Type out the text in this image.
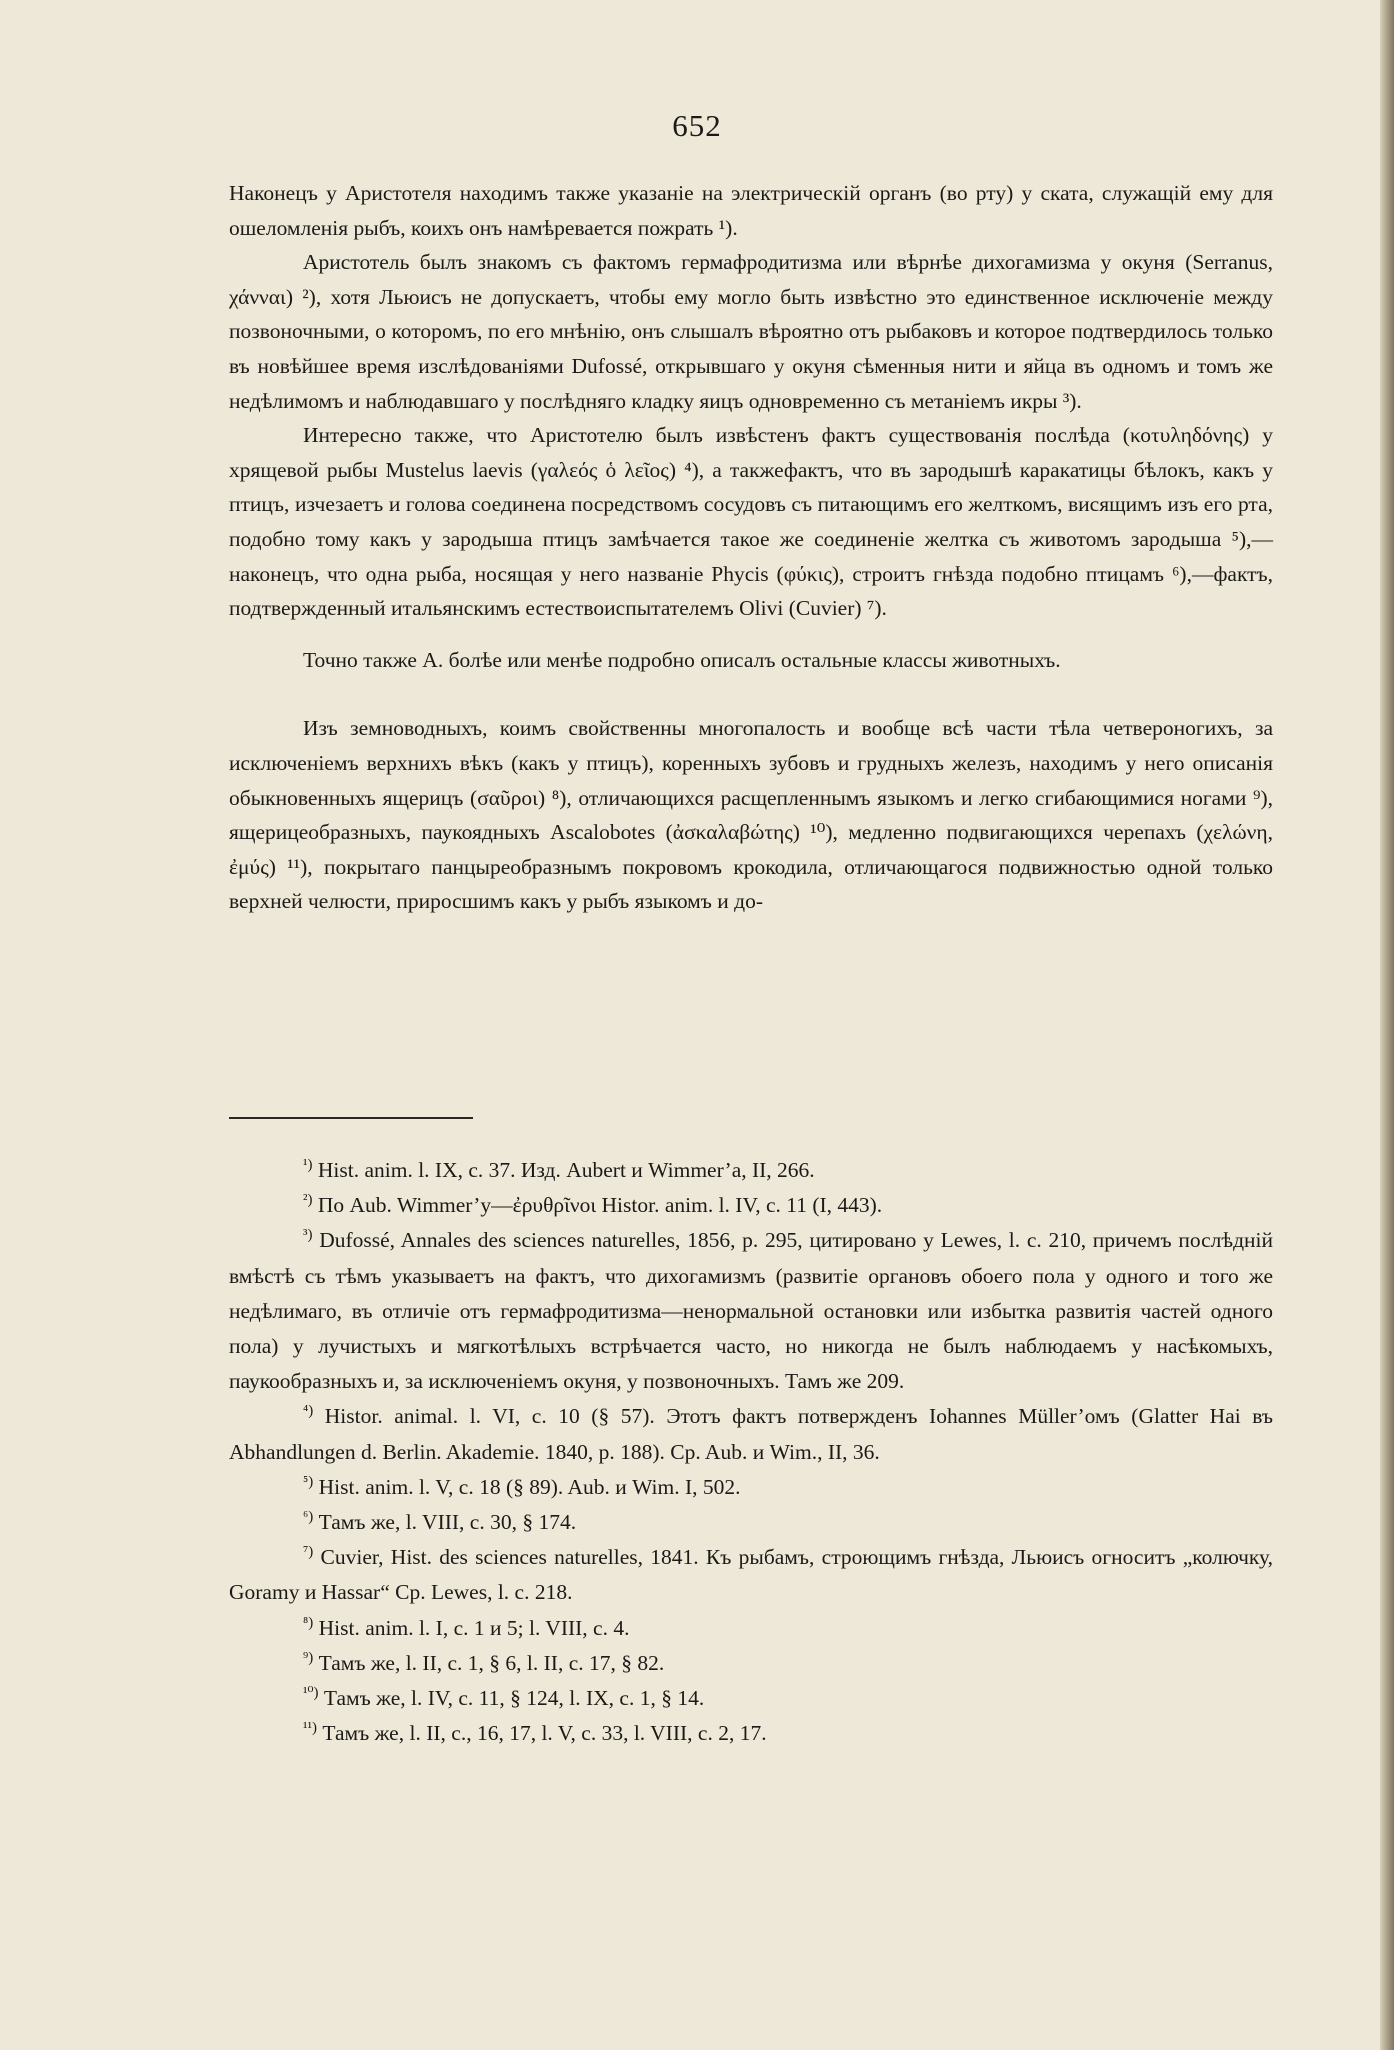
652

Наконецъ у Аристотеля находимъ также указаніе на электрическій органъ (во рту) у ската, служащій ему для ошеломленія рыбъ, коихъ онъ намѣревается пожрать ¹).

Аристотель былъ знакомъ съ фактомъ гермафродитизма или вѣрнѣе дихогамизма у окуня (Serranus, χάνναι) ²), хотя Льюисъ не допускаетъ, чтобы ему могло быть извѣстно это единственное исключеніе между позвоночными, о которомъ, по его мнѣнію, онъ слышалъ вѣроятно отъ рыбаковъ и которое подтвердилось только въ новѣйшее время изслѣдованіями Dufossé, открывшаго у окуня сѣменныя нити и яйца въ одномъ и томъ же недѣлимомъ и наблюдавшаго у послѣдняго кладку яицъ одновременно съ метаніемъ икры ³).

Интересно также, что Аристотелю былъ извѣстенъ фактъ существованія послѣда (κοτυληδόνης) у хрящевой рыбы Mustelus laevis (γαλεός ὁ λεῖος) ⁴), а такжефактъ, что въ зародышѣ каракатицы бѣлокъ, какъ у птицъ, изчезаетъ и голова соединена посредствомъ сосудовъ съ питающимъ его желткомъ, висящимъ изъ его рта, подобно тому какъ у зародыша птицъ замѣчается такое же соединеніе желтка съ животомъ зародыша ⁵),—наконецъ, что одна рыба, носящая у него названіе Phycis (φύκις), строитъ гнѣзда подобно птицамъ ⁶),—фактъ, подтвержденный итальянскимъ естествоиспытателемъ Olivi (Cuvier) ⁷).

Точно также А. болѣе или менѣе подробно описалъ остальные классы животныхъ.

Изъ земноводныхъ, коимъ свойственны многопалость и вообще всѣ части тѣла четвероногихъ, за исключеніемъ верхнихъ вѣкъ (какъ у птицъ), коренныхъ зубовъ и грудныхъ железъ, находимъ у него описанія обыкновенныхъ ящерицъ (σαῦροι) ⁸), отличающихся расщепленнымъ языкомъ и легко сгибающимися ногами ⁹), ящерицеобразныхъ, паукоядныхъ Ascalobotes (ἀσκαλαβώτης) ¹⁰), медленно подвигающихся черепахъ (χελώνη, ἐμύς) ¹¹), покрытаго панцыреобразнымъ покровомъ крокодила, отличающагося подвижностью одной только верхней челюсти, приросшимъ какъ у рыбъ языкомъ и до-

$^{^1)}$ Hist. anim. l. IX, c. 37. Изд. Aubert и Wimmer’а, II, 266.

$^{^2)}$ По Aub. Wimmer’у—ἐρυθρῖνοι Histor. anim. l. IV, c. 11 (I, 443).

$^{^3)}$ Dufossé, Annales des sciences naturelles, 1856, p. 295, цитировано у Lewes, l. c. 210, причемъ послѣдній вмѣстѣ съ тѣмъ указываетъ на фактъ, что дихогамизмъ (развитіе органовъ обоего пола у одного и того же недѣлимаго, въ отличіе отъ гермафродитизма—ненормальной остановки или избытка развитія частей одного пола) у лучистыхъ и мягкотѣлыхъ встрѣчается часто, но никогда не былъ наблюдаемъ у насѣкомыхъ, паукообразныхъ и, за исключеніемъ окуня, у позвоночныхъ. Тамъ же 209.

$^{^4)}$ Histor. animal. l. VI, c. 10 (§ 57). Этотъ фактъ потвержденъ Iohannes Müller’омъ (Glatter Hai въ Abhandlungen d. Berlin. Akademie. 1840, p. 188). Cp. Aub. и Wim., II, 36.

$^{^5)}$ Hist. anim. l. V, c. 18 (§ 89). Aub. и Wim. I, 502.

$^{^6)}$ Тамъ же, l. VIII, c. 30, § 174.

$^{^7)}$ Cuvier, Hist. des sciences naturelles, 1841. Къ рыбамъ, строющимъ гнѣзда, Льюисъ огноситъ „колючку, Goramy и Hassar“ Cp. Lewes, l. c. 218.

$^{^8)}$ Hist. anim. l. I, c. 1 и 5; l. VIII, c. 4.

$^{^9)}$ Тамъ же, l. II, c. 1, § 6, l. II, c. 17, § 82.

$^{^{10})}$ Тамъ же, l. IV, c. 11, § 124, l. IX, c. 1, § 14.

$^{^{11})}$ Тамъ же, l. II, c., 16, 17, l. V, c. 33, l. VIII, c. 2, 17.
